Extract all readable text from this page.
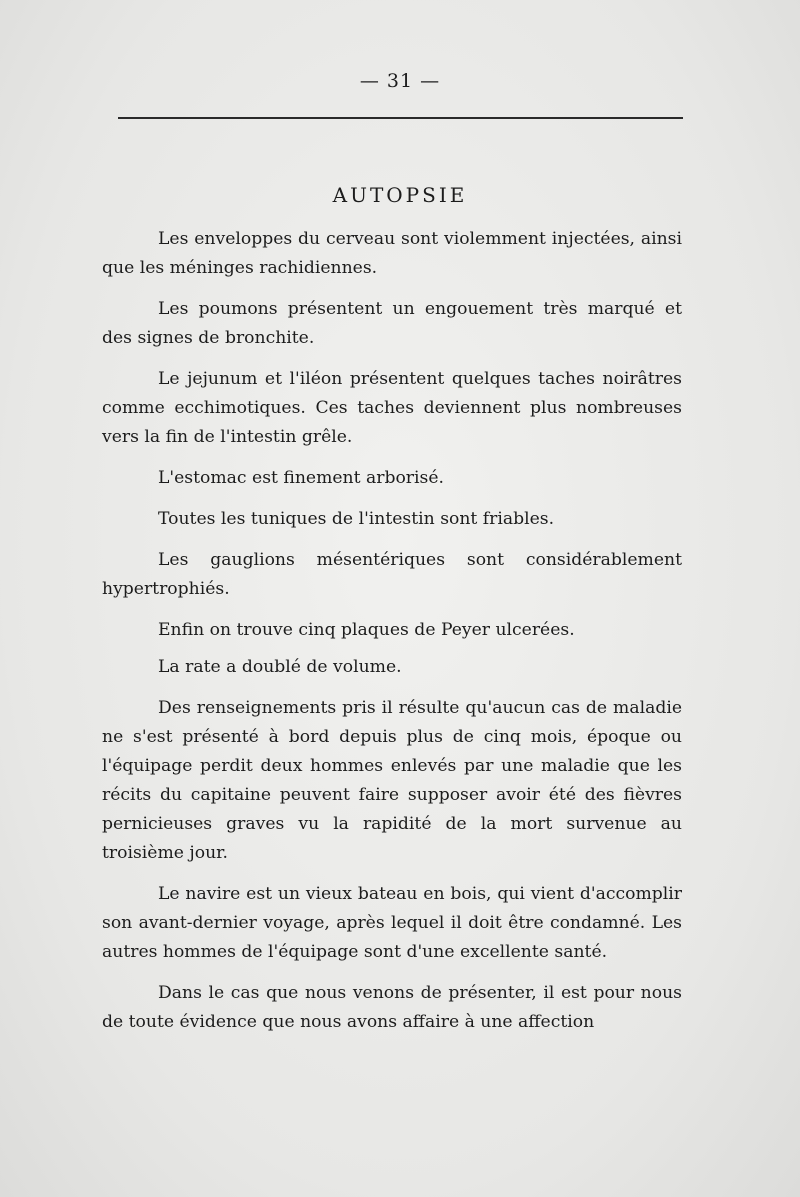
— 31 —
AUTOPSIE

Les enveloppes du cerveau sont violemment injectées, ainsi que les méninges rachidiennes.

Les poumons présentent un engouement très marqué et des signes de bronchite.

Le jejunum et l'iléon présentent quelques taches noirâtres comme ecchimotiques. Ces taches deviennent plus nombreuses vers la fin de l'intestin grêle.

L'estomac est finement arborisé.

Toutes les tuniques de l'intestin sont friables.

Les gauglions mésentériques sont considérablement hypertrophiés.

Enfin on trouve cinq plaques de Peyer ulcerées.

La rate a doublé de volume.

Des renseignements pris il résulte qu'aucun cas de maladie ne s'est présenté à bord depuis plus de cinq mois, époque ou l'équipage perdit deux hommes enlevés par une maladie que les récits du capitaine peuvent faire supposer avoir été des fièvres pernicieuses graves vu la rapidité de la mort survenue au troisième jour.

Le navire est un vieux bateau en bois, qui vient d'accomplir son avant-dernier voyage, après lequel il doit être condamné. Les autres hommes de l'équipage sont d'une excellente santé.

Dans le cas que nous venons de présenter, il est pour nous de toute évidence que nous avons affaire à une affection
